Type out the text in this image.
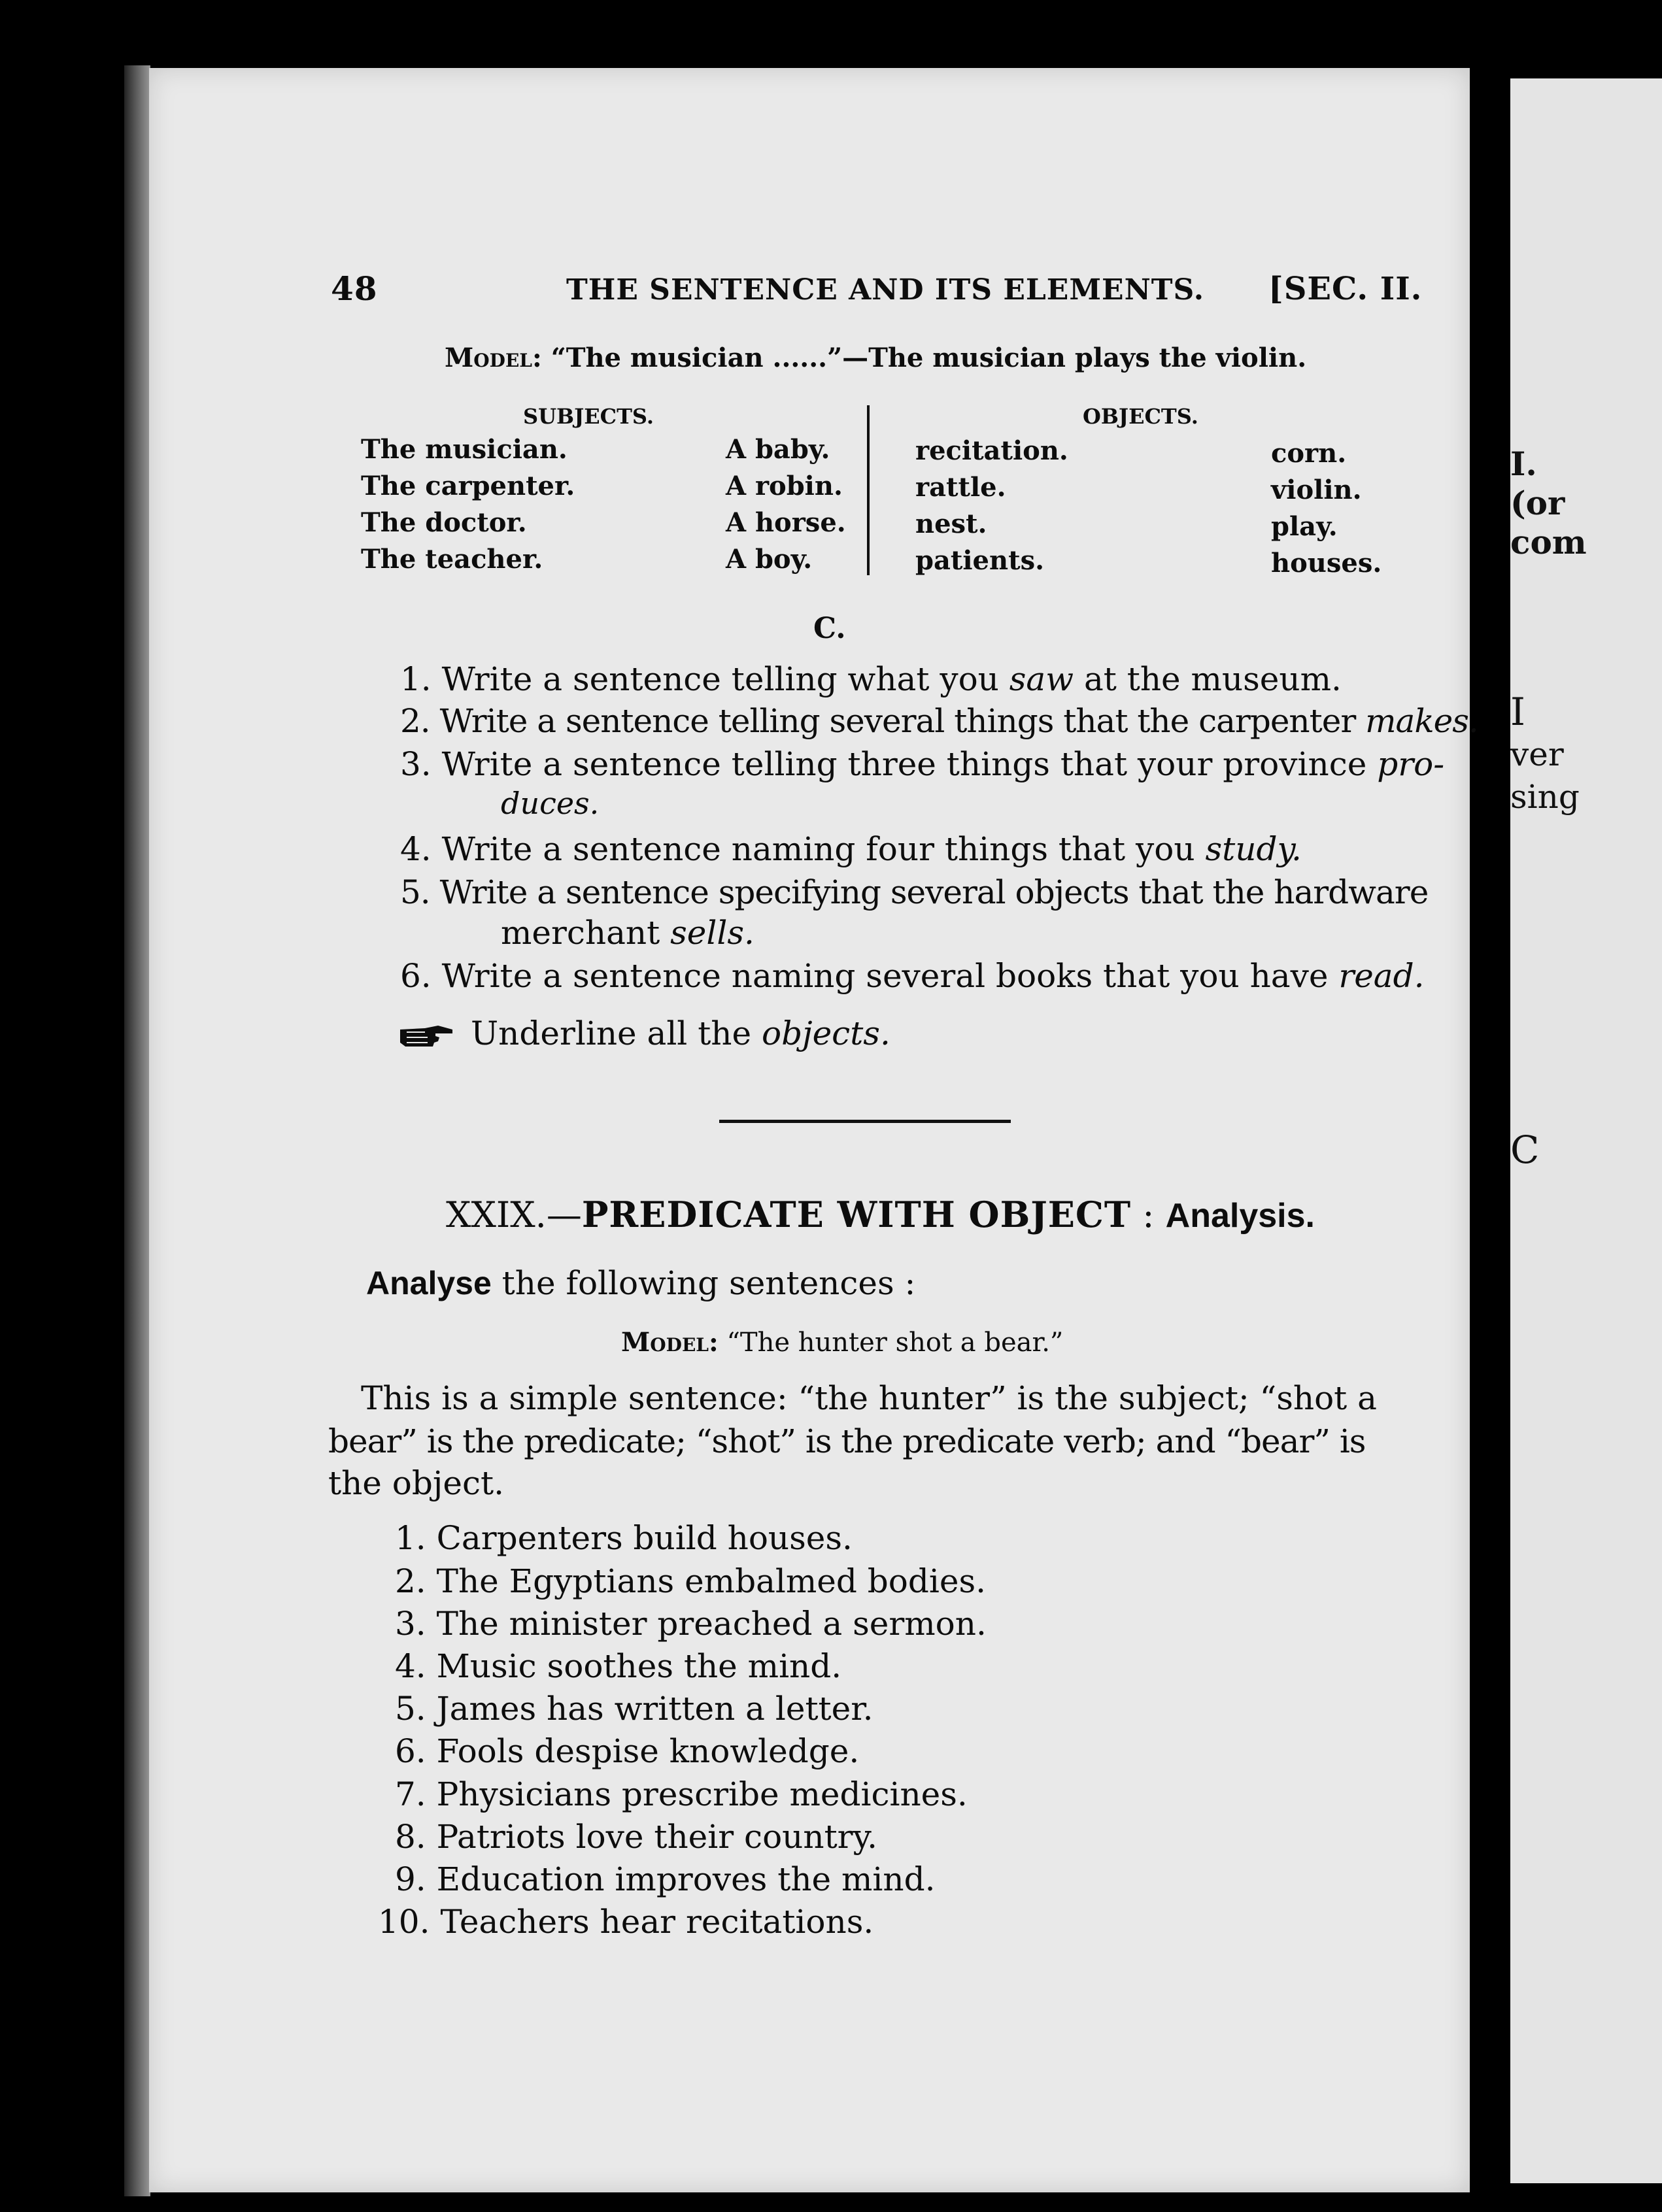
I.
(or
com
I
ver
sing
C
48	THE SENTENCE AND ITS ELEMENTS. [SEC. II.
Model: “The musician ......”—The musician plays the violin.
SUBJECTS.	OBJECTS.
The musician.
The carpenter.
The doctor.
The teacher.
A baby.
A robin.
A horse.
A boy.
recitation.
rattle.
nest.
patients.
corn.
violin.
play.
houses.
C.
1. Write a sentence telling what you saw at the museum.
2. Write a sentence telling several things that the carpenter makes.
3. Write a sentence telling three things that your province pro-
duces.
4. Write a sentence naming four things that you study.
5. Write a sentence specifying several objects that the hardware
merchant sells.
6. Write a sentence naming several books that you have read.
Underline all the objects.
XXIX.—PREDICATE WITH OBJECT : Analysis.
Analyse the following sentences :
Model: “The hunter shot a bear.”
This is a simple sentence: “the hunter” is the subject; “shot a
bear” is the predicate; “shot” is the predicate verb; and “bear” is
the object.
1. Carpenters build houses.
2. The Egyptians embalmed bodies.
3. The minister preached a sermon.
4. Music soothes the mind.
5. James has written a letter.
6. Fools despise knowledge.
7. Physicians prescribe medicines.
8. Patriots love their country.
9. Education improves the mind.
10. Teachers hear recitations.
